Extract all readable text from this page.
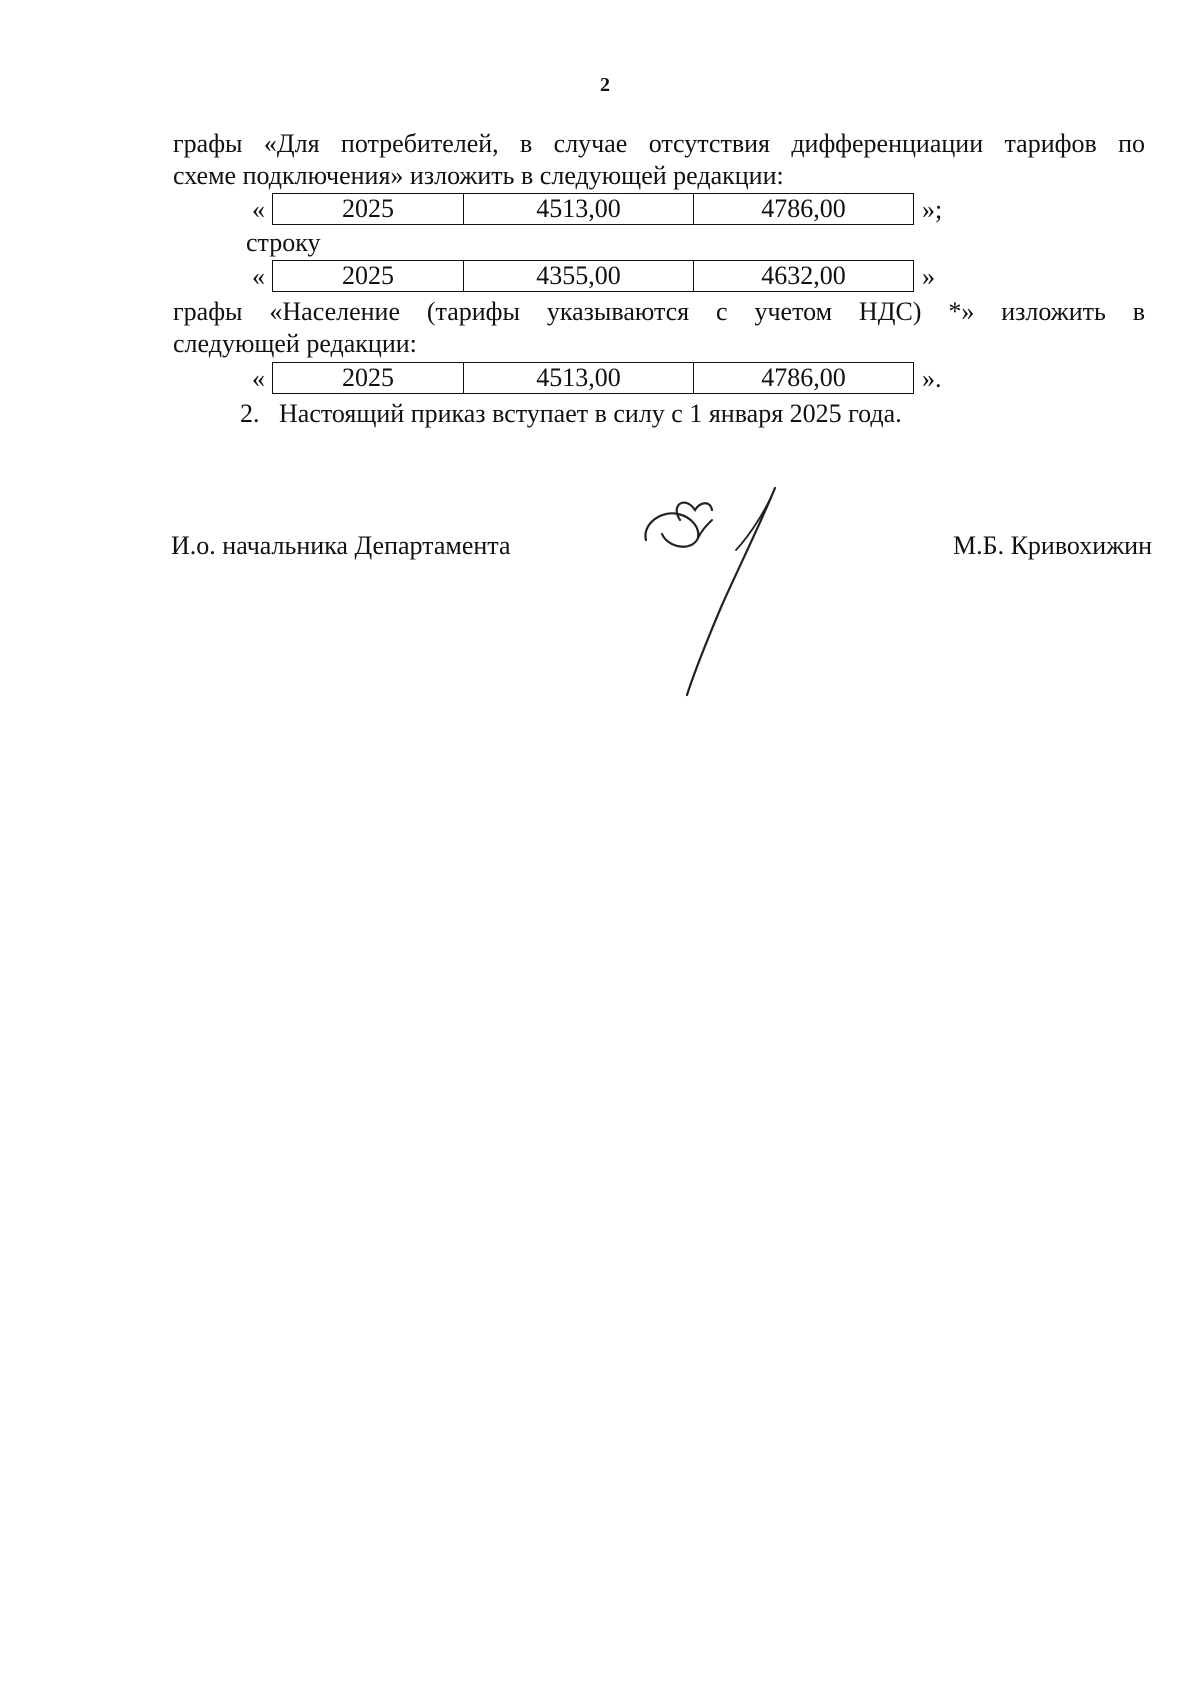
2
графы «Для потребителей, в случае отсутствия дифференциации тарифов по
схеме подключения» изложить в следующей редакции:
«	2025	4513,00	4786,00	»;
строку
«	2025	4355,00	4632,00	»
графы «Население (тарифы указываются с учетом НДС) *» изложить в
следующей редакции:
«	2025	4513,00	4786,00	».
2.   Настоящий приказ вступает в силу с 1 января 2025 года.
И.о. начальника Департамента	М.Б. Кривохижин
